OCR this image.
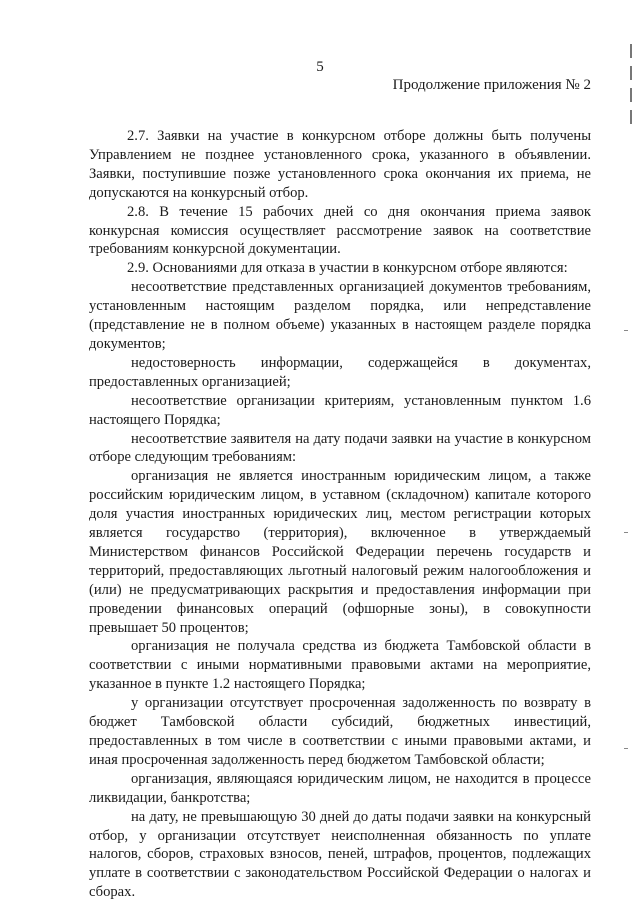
5
Продолжение приложения № 2

2.7. Заявки на участие в конкурсном отборе должны быть получены Управлением не позднее установленного срока, указанного в объявлении. Заявки, поступившие позже установленного срока окончания их приема, не допускаются на конкурсный отбор.

2.8. В течение 15 рабочих дней со дня окончания приема заявок конкурсная комиссия осуществляет рассмотрение заявок на соответствие требованиям конкурсной документации.

2.9. Основаниями для отказа в участии в конкурсном отборе являются:

несоответствие представленных организацией документов требованиям, установленным настоящим разделом порядка, или непредставление (представление не в полном объеме) указанных в настоящем разделе порядка документов;

недостоверность информации, содержащейся в документах, предоставленных организацией;

несоответствие организации критериям, установленным пунктом 1.6 настоящего Порядка;

несоответствие заявителя на дату подачи заявки на участие в конкурсном отборе следующим требованиям:

организация не является иностранным юридическим лицом, а также российским юридическим лицом, в уставном (складочном) капитале которого доля участия иностранных юридических лиц, местом регистрации которых является государство (территория), включенное в утверждаемый Министерством финансов Российской Федерации перечень государств и территорий, предоставляющих льготный налоговый режим налогообложения и (или) не предусматривающих раскрытия и предоставления информации при проведении финансовых операций (офшорные зоны), в совокупности превышает 50 процентов;

организация не получала средства из бюджета Тамбовской области в соответствии с иными нормативными правовыми актами на мероприятие, указанное в пункте 1.2 настоящего Порядка;

у организации отсутствует просроченная задолженность по возврату в бюджет Тамбовской области субсидий, бюджетных инвестиций, предоставленных в том числе в соответствии с иными правовыми актами, и иная просроченная задолженность перед бюджетом Тамбовской области;

организация, являющаяся юридическим лицом, не находится в процессе ликвидации, банкротства;

на дату, не превышающую 30 дней до даты подачи заявки на конкурсный отбор, у организации отсутствует неисполненная обязанность по уплате налогов, сборов, страховых взносов, пеней, штрафов, процентов, подлежащих уплате в соответствии с законодательством Российской Федерации о налогах и сборах.
